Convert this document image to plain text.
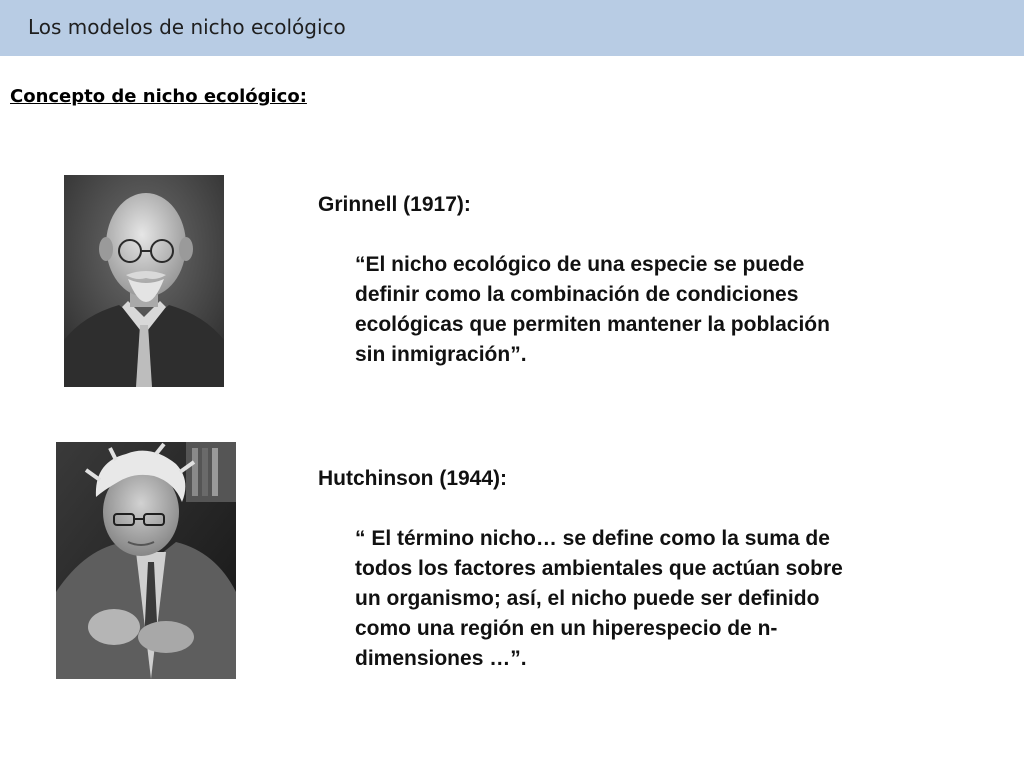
Los modelos de nicho ecológico
Concepto de nicho ecológico:
Grinnell (1917):
“El nicho ecológico de una especie se puede
definir como la combinación de condiciones
ecológicas que permiten mantener la población
sin inmigración”.
Hutchinson (1944):
“ El término nicho… se define como la suma de
todos los factores ambientales que actúan sobre
un organismo; así, el nicho puede ser definido
como una región en un hiperespecio de n-
dimensiones …”.
